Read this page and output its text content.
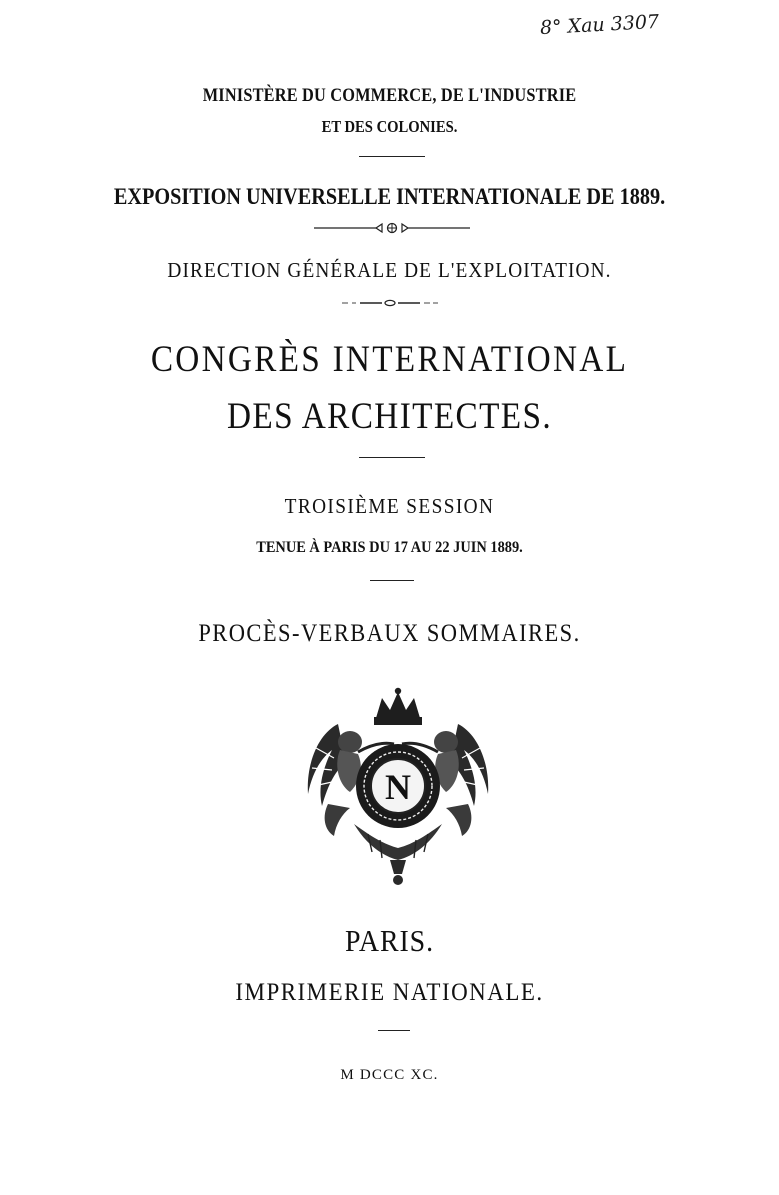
8° Xau 3307
MINISTÈRE DU COMMERCE, DE L'INDUSTRIE
ET DES COLONIES.
EXPOSITION UNIVERSELLE INTERNATIONALE DE 1889.
DIRECTION GÉNÉRALE DE L'EXPLOITATION.
CONGRÈS INTERNATIONAL
DES ARCHITECTES.
TROISIÈME SESSION
TENUE À PARIS DU 17 AU 22 JUIN 1889.
PROCÈS-VERBAUX SOMMAIRES.
N
PARIS.
IMPRIMERIE NATIONALE.
M DCCC XC.
